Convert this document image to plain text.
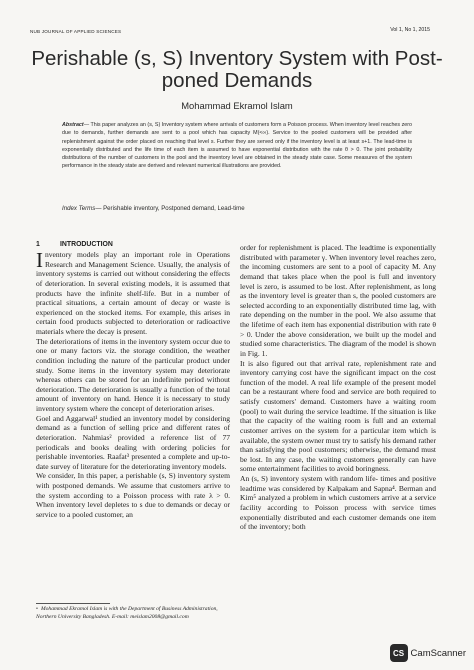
NUB JOURNAL OF APPLIED SCIENCES	Vol 1, No 1, 2015
Perishable (s, S) Inventory System with Post-poned Demands
Mohammad Ekramol Islam
Abstract— This paper analyzes an (s, S) Inventory system where arrivals of customers form a Poisson process. When inventory level reaches zero due to demands, further demands are sent to a pool which has capacity M(<∞). Service to the pooled customers will be provided after replenishment against the order placed on reaching that level s. Further they are served only if the inventory level is at least s+1. The lead-time is exponentially distributed and the life time of each item is assumed to have exponential distribution with the rate θ > 0. The joint probability distributions of the number of customers in the pool and the inventory level are obtained in the steady state case. Some measures of the system performance in the steady state are derived and relevant numerical illustrations are provided.
Index Terms— Perishable inventory, Postponed demand, Lead-time
1	INTRODUCTION

Inventory models play an important role in Operations Research and Management Science. Usually, the analysis of inventory systems is carried out without considering the effects of deterioration. In several existing models, it is assumed that products have the infinite shelf-life. But in a number of practical situations, a certain amount of decay or waste is experienced on the stocked items. For example, this arises in certain food products subjected to deterioration or radioactive materials where the decay is present.

The deteriorations of items in the inventory system occur due to one or many factors viz. the storage condition, the weather condition including the nature of the particular product under study. Some items in the inventory system may deteriorate whereas others can be stored for an indefinite period without deterioration. The deterioration is usually a function of the total amount of inventory on hand. Hence it is necessary to study inventory system where the concept of deterioration arises.

Goel and Aggarwal¹ studied an inventory model by considering demand as a function of selling price and different rates of deterioration. Nahmias² provided a reference list of 77 periodicals and books dealing with ordering policies for perishable inventories. Raafat³ presented a complete and up-to-date survey of literature for the deteriorating inventory models.

We consider, In this paper, a perishable (s, S) inventory system with postponed demands. We assume that customers arrive to the system according to a Poisson process with rate λ > 0. When inventory level depletes to s due to demands or decay or service to a pooled customer, an

order for replenishment is placed. The leadtime is exponentially distributed with parameter γ. When inventory level reaches zero, the incoming customers are sent to a pool of capacity M. Any demand that takes place when the pool is full and inventory level is zero, is assumed to be lost. After replenishment, as long as the inventory level is greater than s, the pooled customers are selected according to an exponentially distributed time lag, with rate depending on the number in the pool. We also assume that the lifetime of each item has exponential distribution with rate θ > 0. Under the above consideration, we built up the model and studied some characteristics. The diagram of the model is shown in Fig. 1.

It is also figured out that arrival rate, replenishment rate and inventory carrying cost have the significant impact on the cost function of the model. A real life example of the present model can be a restaurant where food and service are both required to satisfy customers' demand. Customers have a waiting room (pool) to wait during the service leadtime. If the situation is like that the capacity of the waiting room is full and an external customer arrives on the system for a particular item which is available, the system owner must try to satisfy his demand rather than satisfying the pool customers; otherwise, the demand must be lost. In any case, the waiting customers generally can have some entertainment facilities to avoid boringness.

An (s, S) inventory system with random life- times and positive leadtime was considered by Kalpakam and Sapna⁴. Berman and Kim⁵ analyzed a problem in which customers arrive at a service facility according to Poisson process with service times exponentially distributed and each customer demands one item of the inventory; both

• Mohammad Ekramol Islam is with the Department of Business Administration, Northern University Bangladesh. E-mail: meislam2008@gmail.com
CS CamScanner
